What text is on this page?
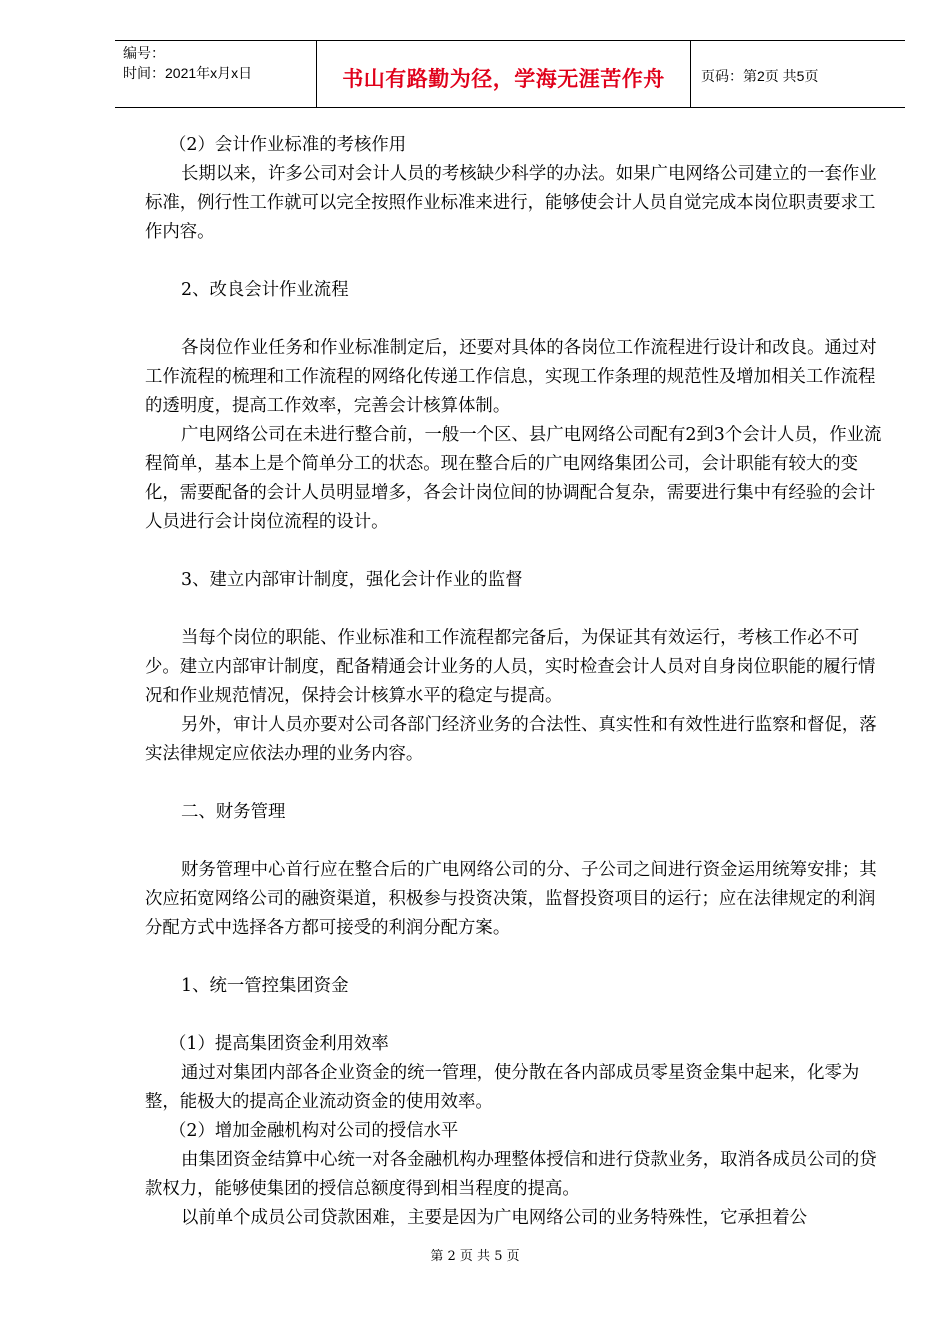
编号：
时间：2021年x月x日	书山有路勤为径，学海无涯苦作舟	页码：第2页 共5页

（2）会计作业标准的考核作用

长期以来，许多公司对会计人员的考核缺少科学的办法。如果广电网络公司建立的一套作业标准，例行性工作就可以完全按照作业标准来进行，能够使会计人员自觉完成本岗位职责要求工作内容。

2、改良会计作业流程

各岗位作业任务和作业标准制定后，还要对具体的各岗位工作流程进行设计和改良。通过对工作流程的梳理和工作流程的网络化传递工作信息，实现工作条理的规范性及增加相关工作流程的透明度，提高工作效率，完善会计核算体制。

广电网络公司在未进行整合前，一般一个区、县广电网络公司配有2到3个会计人员，作业流程简单，基本上是个简单分工的状态。现在整合后的广电网络集团公司，会计职能有较大的变化，需要配备的会计人员明显增多，各会计岗位间的协调配合复杂，需要进行集中有经验的会计人员进行会计岗位流程的设计。

3、建立内部审计制度，强化会计作业的监督

当每个岗位的职能、作业标准和工作流程都完备后，为保证其有效运行，考核工作必不可少。建立内部审计制度，配备精通会计业务的人员，实时检查会计人员对自身岗位职能的履行情况和作业规范情况，保持会计核算水平的稳定与提高。

另外，审计人员亦要对公司各部门经济业务的合法性、真实性和有效性进行监察和督促，落实法律规定应依法办理的业务内容。

二、财务管理

财务管理中心首行应在整合后的广电网络公司的分、子公司之间进行资金运用统筹安排；其次应拓宽网络公司的融资渠道，积极参与投资决策，监督投资项目的运行；应在法律规定的利润分配方式中选择各方都可接受的利润分配方案。

1、统一管控集团资金

（1）提高集团资金利用效率

通过对集团内部各企业资金的统一管理，使分散在各内部成员零星资金集中起来，化零为整，能极大的提高企业流动资金的使用效率。

（2）增加金融机构对公司的授信水平

由集团资金结算中心统一对各金融机构办理整体授信和进行贷款业务，取消各成员公司的贷款权力，能够使集团的授信总额度得到相当程度的提高。

以前单个成员公司贷款困难，主要是因为广电网络公司的业务特殊性，它承担着公

第 2 页 共 5 页
